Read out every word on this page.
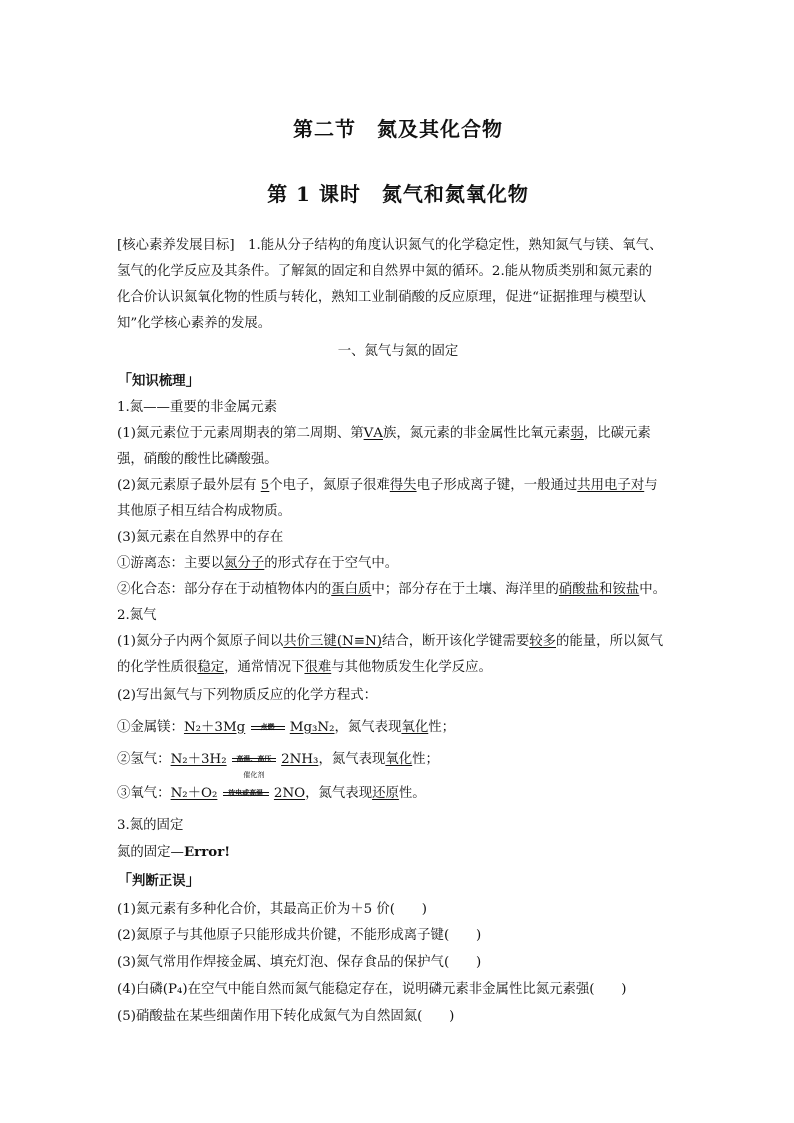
第二节　氮及其化合物
第 1 课时　氮气和氮氧化物
[核心素养发展目标]　1.能从分子结构的角度认识氮气的化学稳定性，熟知氮气与镁、氧气、
氢气的化学反应及其条件。了解氮的固定和自然界中氮的循环。2.能从物质类别和氮元素的
化合价认识氮氧化物的性质与转化，熟知工业制硝酸的反应原理，促进“证据推理与模型认
知”化学核心素养的发展。
一、氮气与氮的固定
「知识梳理」
1.氮——重要的非金属元素
(1)氮元素位于元素周期表的第二周期、第ⅤA族，氮元素的非金属性比氧元素弱，比碳元素
强，硝酸的酸性比磷酸强。
(2)氮元素原子最外层有 5个电子，氮原子很难得失电子形成离子键，一般通过共用电子对与
其他原子相互结合构成物质。
(3)氮元素在自然界中的存在
①游离态：主要以氮分子的形式存在于空气中。
②化合态：部分存在于动植物体内的蛋白质中；部分存在于土壤、海洋里的硝酸盐和铵盐中。
2.氮气
(1)氮分子内两个氮原子间以共价三键(N≡N)结合，断开该化学键需要较多的能量，所以氮气
的化学性质很稳定，通常情况下很难与其他物质发生化学反应。
(2)写出氮气与下列物质反应的化学方程式：
①金属镁：N₂＋3Mg	点燃	Mg₃N₂，氮气表现氧化性；
②氢气：N₂＋3H₂	高温、高压
催化剂
2NH₃，氮气表现氧化性；
③氧气：N₂＋O₂	放电或高温 2NO，氮气表现还原性。
3.氮的固定
氮的固定—Error!
「判断正误」
(1)氮元素有多种化合价，其最高正价为＋5 价(　　)
(2)氮原子与其他原子只能形成共价键，不能形成离子键(　　)
(3)氮气常用作焊接金属、填充灯泡、保存食品的保护气(　　)
(4)白磷(P₄)在空气中能自然而氮气能稳定存在，说明磷元素非金属性比氮元素强(　　)
(5)硝酸盐在某些细菌作用下转化成氮气为自然固氮(　　)
